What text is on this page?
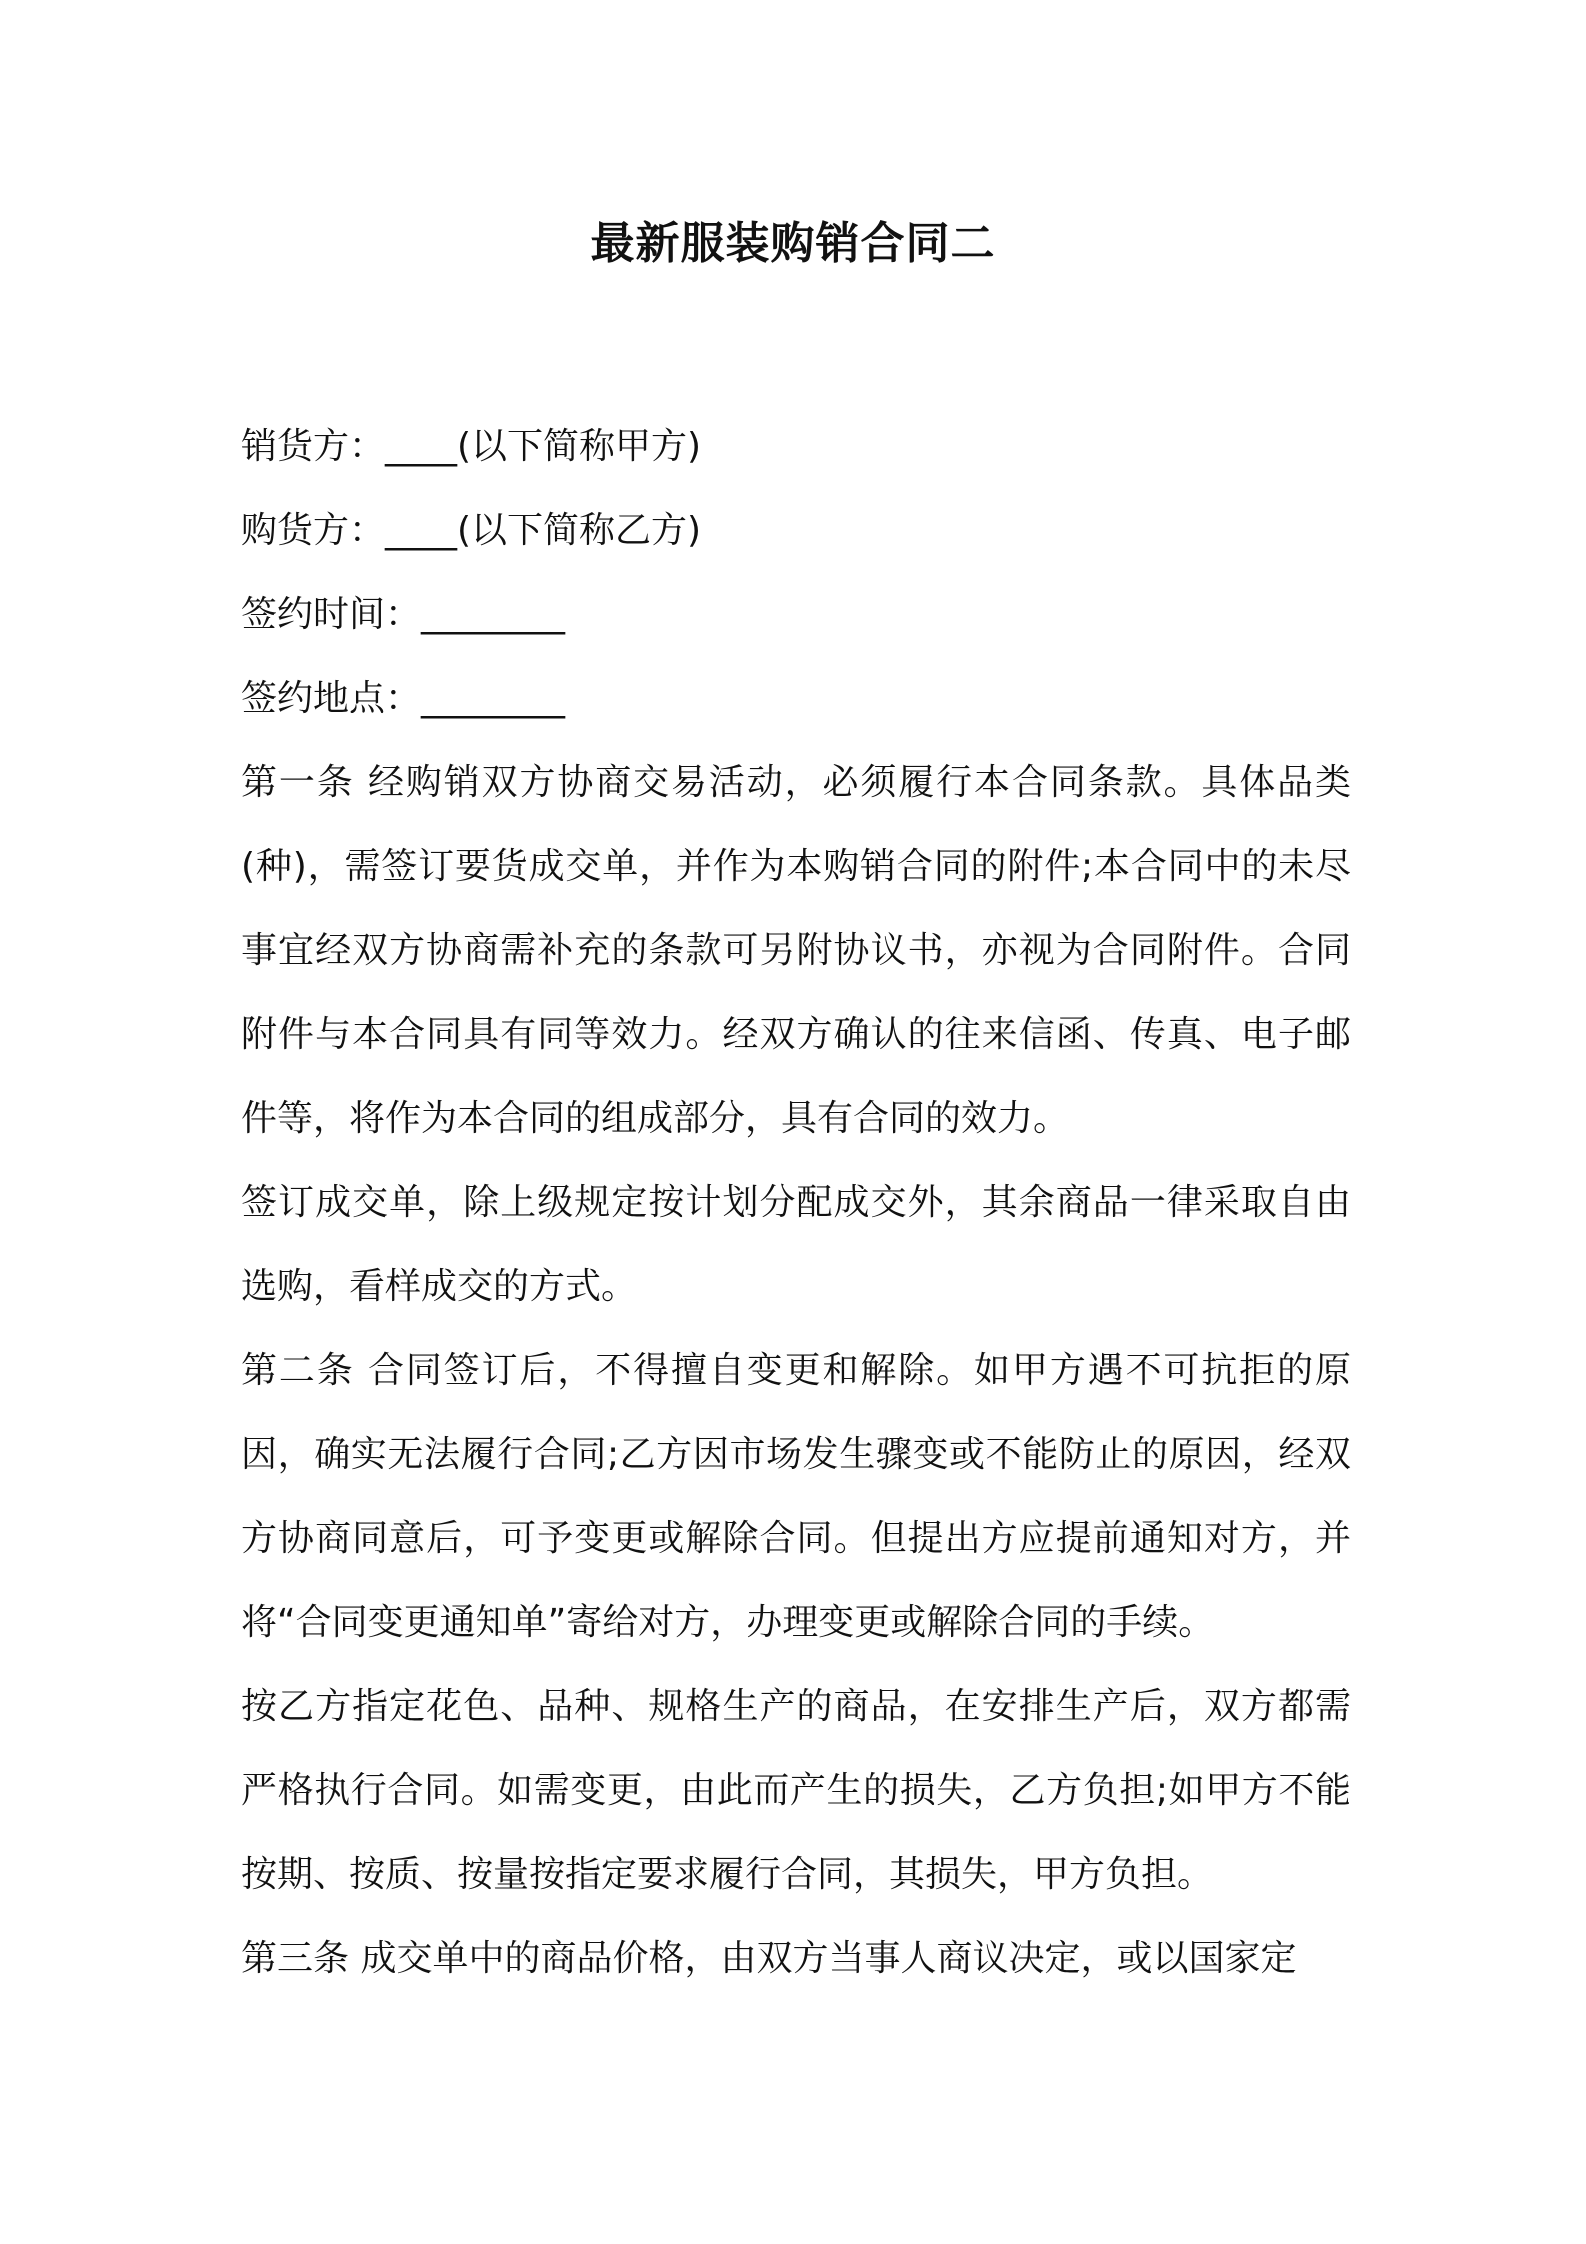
最新服装购销合同二

销货方：____(以下简称甲方)

购货方：____(以下简称乙方)

签约时间：________

签约地点：________

第一条 经购销双方协商交易活动，必须履行本合同条款。具体品类(种)，需签订要货成交单，并作为本购销合同的附件;本合同中的未尽事宜经双方协商需补充的条款可另附协议书，亦视为合同附件。合同附件与本合同具有同等效力。经双方确认的往来信函、传真、电子邮件等，将作为本合同的组成部分，具有合同的效力。

签订成交单，除上级规定按计划分配成交外，其余商品一律采取自由选购，看样成交的方式。

第二条 合同签订后，不得擅自变更和解除。如甲方遇不可抗拒的原因，确实无法履行合同;乙方因市场发生骤变或不能防止的原因，经双方协商同意后，可予变更或解除合同。但提出方应提前通知对方，并将“合同变更通知单”寄给对方，办理变更或解除合同的手续。

按乙方指定花色、品种、规格生产的商品，在安排生产后，双方都需严格执行合同。如需变更，由此而产生的损失，乙方负担;如甲方不能按期、按质、按量按指定要求履行合同，其损失，甲方负担。

第三条 成交单中的商品价格，由双方当事人商议决定，或以国家定
